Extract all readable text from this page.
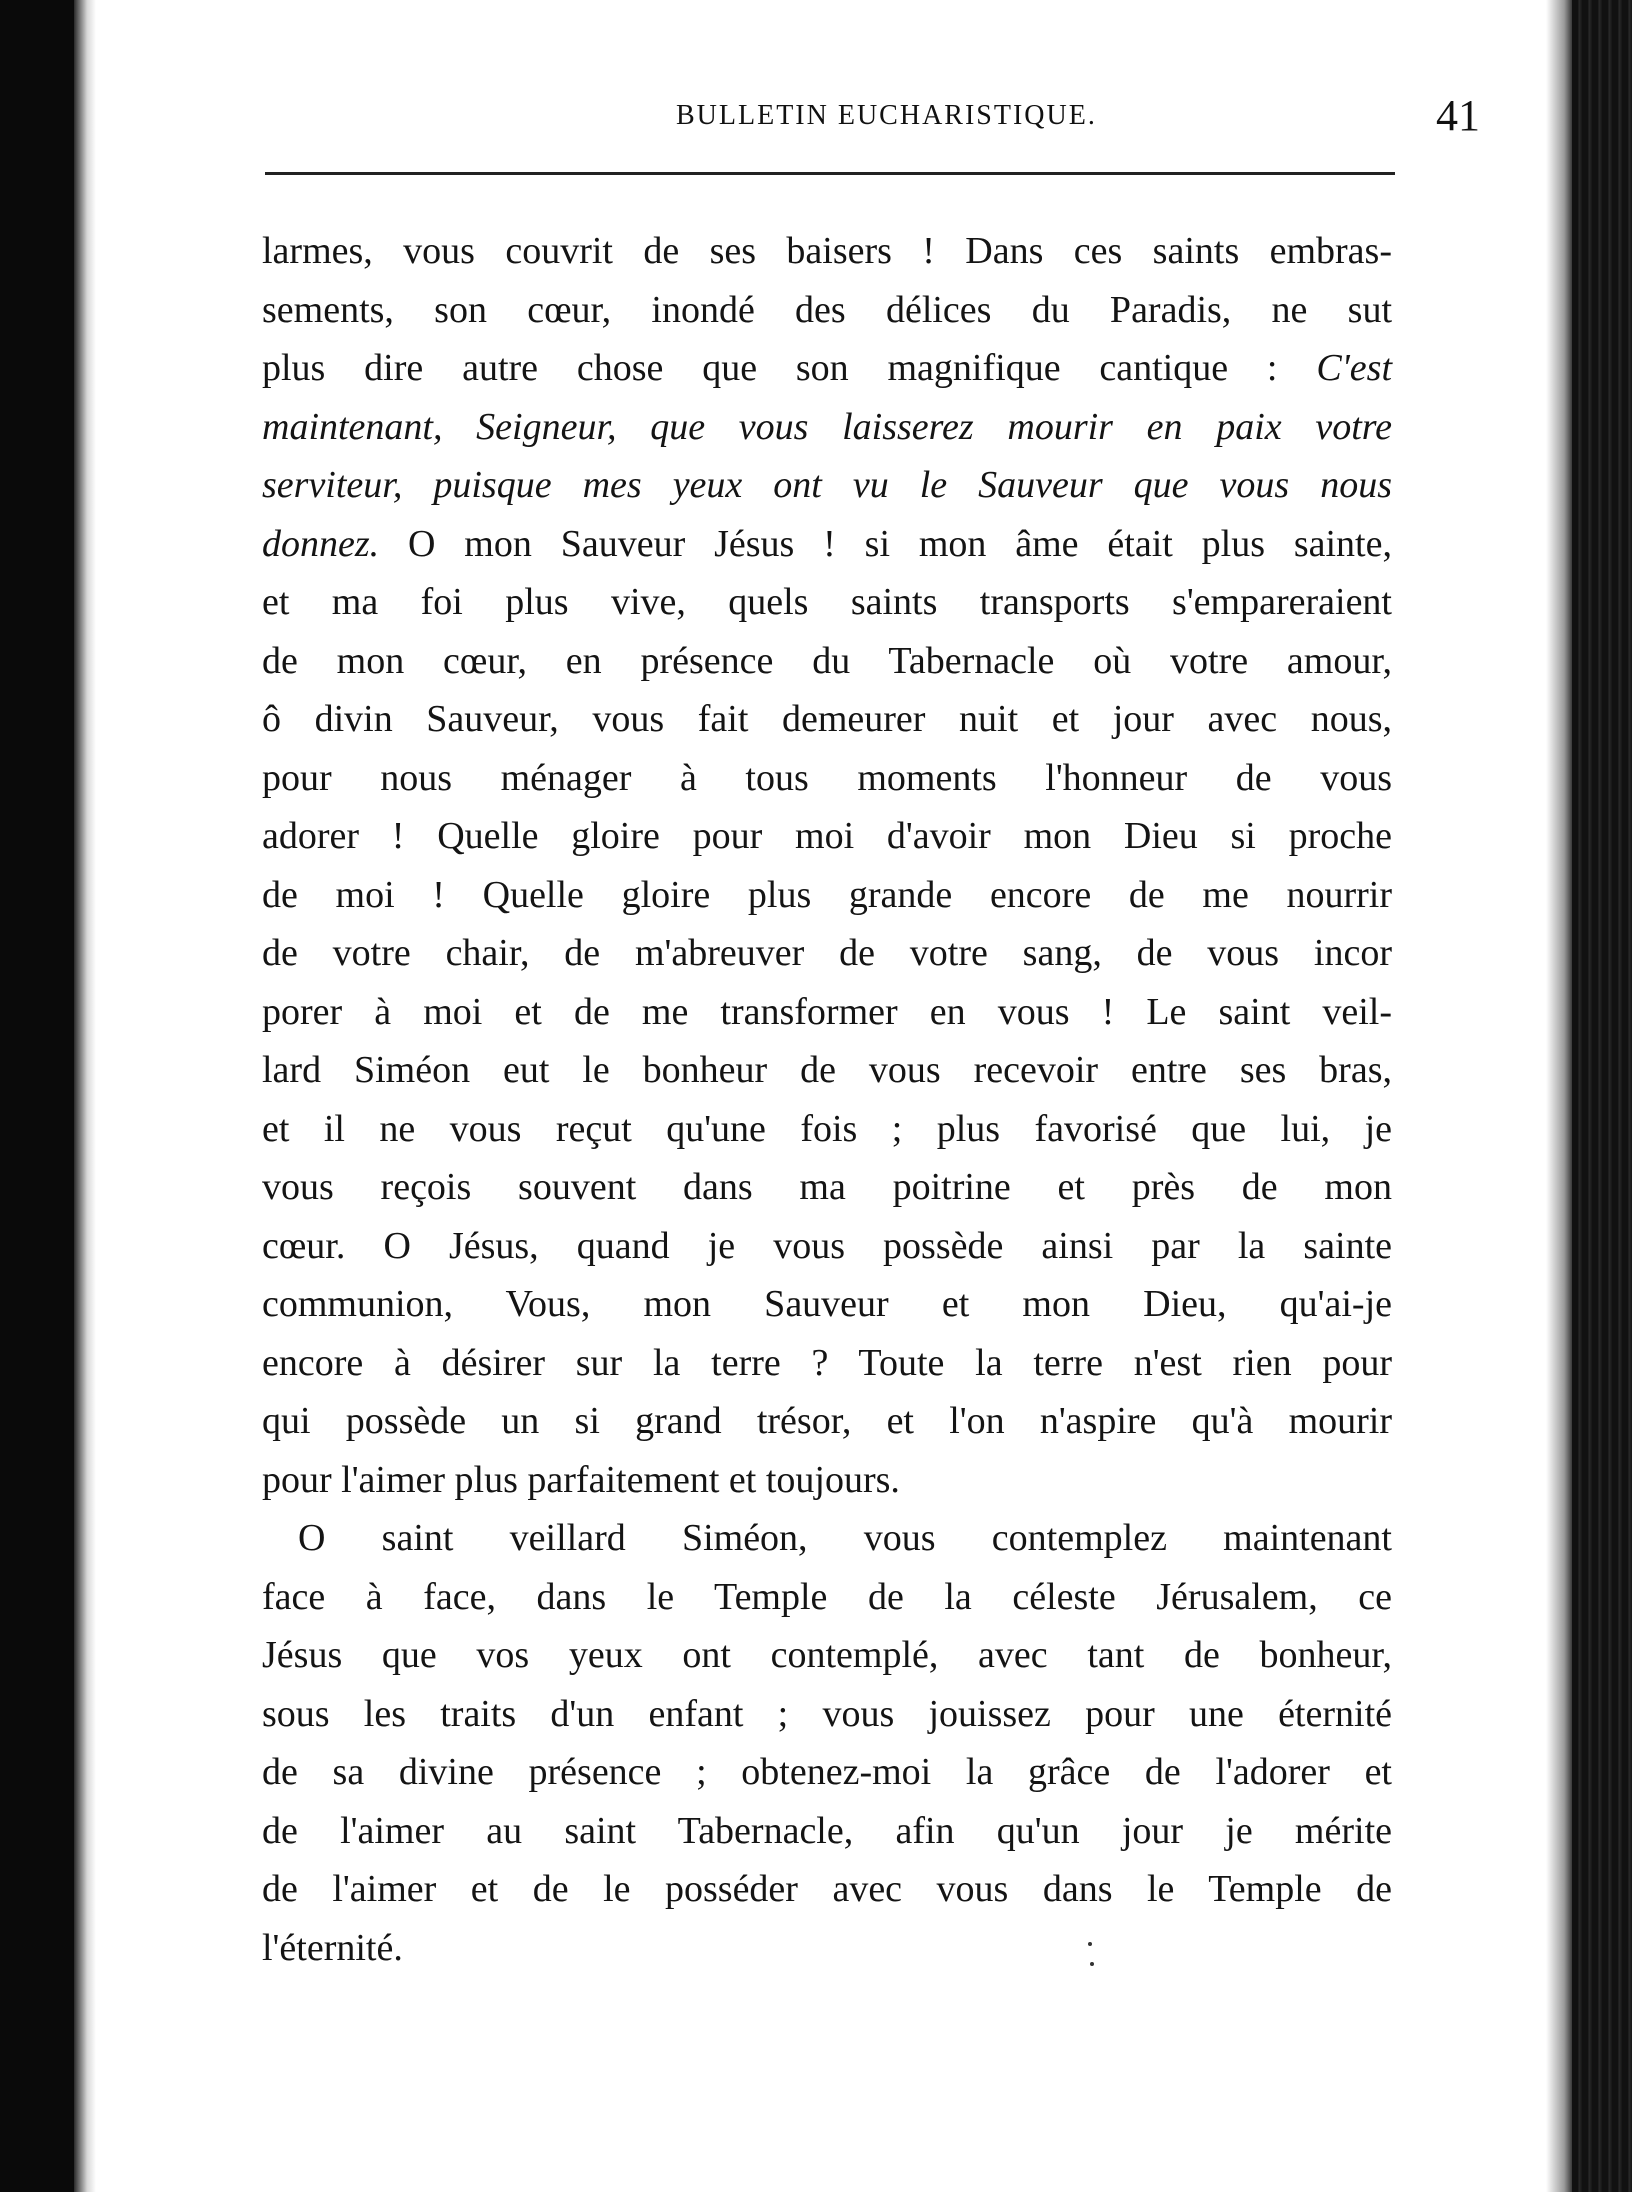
BULLETIN EUCHARISTIQUE.	41
larmes, vous couvrit de ses baisers ! Dans ces saints embras-
sements, son cœur, inondé des délices du Paradis, ne sut
plus dire autre chose que son magnifique cantique : C'est
maintenant, Seigneur, que vous laisserez mourir en paix votre
serviteur, puisque mes yeux ont vu le Sauveur que vous nous
donnez. O mon Sauveur Jésus ! si mon âme était plus sainte,
et ma foi plus vive, quels saints transports s'empareraient
de mon cœur, en présence du Tabernacle où votre amour,
ô divin Sauveur, vous fait demeurer nuit et jour avec nous,
pour nous ménager à tous moments l'honneur de vous
adorer ! Quelle gloire pour moi d'avoir mon Dieu si proche
de moi ! Quelle gloire plus grande encore de me nourrir
de votre chair, de m'abreuver de votre sang, de vous incor
porer à moi et de me transformer en vous ! Le saint veil-
lard Siméon eut le bonheur de vous recevoir entre ses bras,
et il ne vous reçut qu'une fois ; plus favorisé que lui, je
vous reçois souvent dans ma poitrine et près de mon
cœur. O Jésus, quand je vous possède ainsi par la sainte
communion, Vous, mon Sauveur et mon Dieu, qu'ai-je
encore à désirer sur la terre ? Toute la terre n'est rien pour
qui possède un si grand trésor, et l'on n'aspire qu'à mourir
pour l'aimer plus parfaitement et toujours.
O saint veillard Siméon, vous contemplez maintenant
face à face, dans le Temple de la céleste Jérusalem, ce
Jésus que vos yeux ont contemplé, avec tant de bonheur,
sous les traits d'un enfant ; vous jouissez pour une éternité
de sa divine présence ; obtenez-moi la grâce de l'adorer et
de l'aimer au saint Tabernacle, afin qu'un jour je mérite
de l'aimer et de le posséder avec vous dans le Temple de
l'éternité.
